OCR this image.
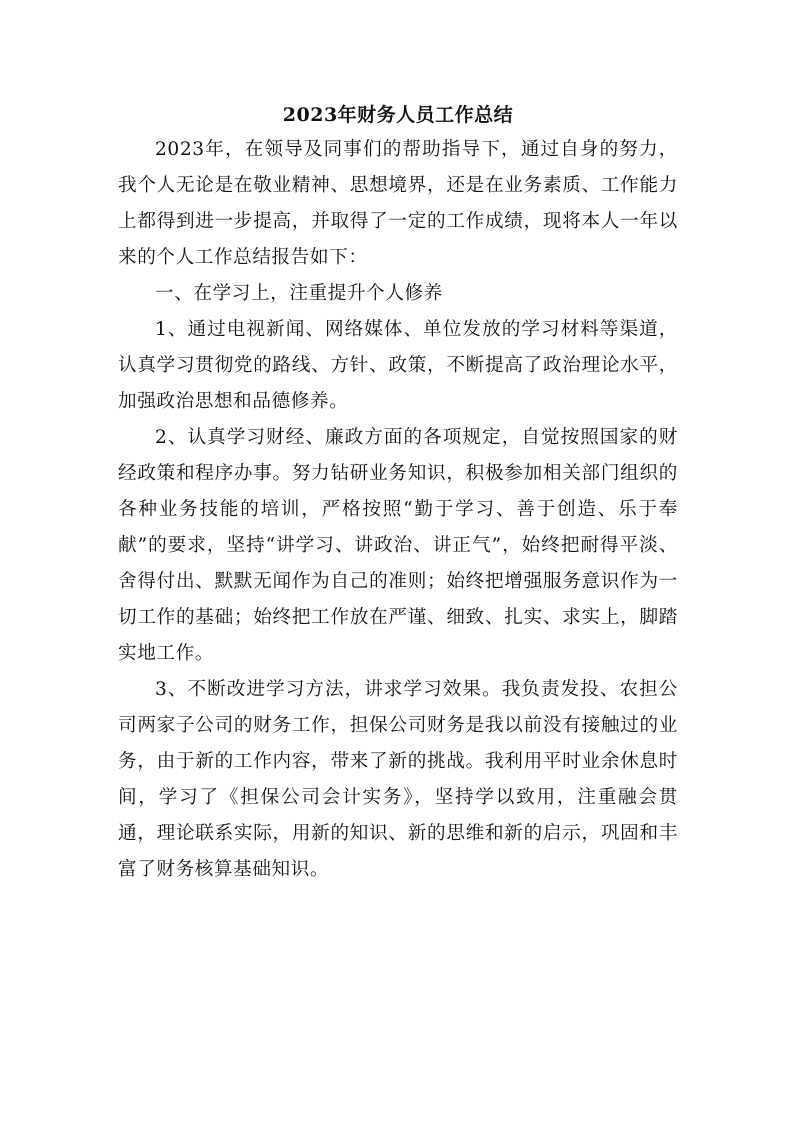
2023年财务人员工作总结

2023年，在领导及同事们的帮助指导下，通过自身的努力，我个人无论是在敬业精神、思想境界，还是在业务素质、工作能力上都得到进一步提高，并取得了一定的工作成绩，现将本人一年以来的个人工作总结报告如下：

一、在学习上，注重提升个人修养

1、通过电视新闻、网络媒体、单位发放的学习材料等渠道，认真学习贯彻党的路线、方针、政策，不断提高了政治理论水平，加强政治思想和品德修养。

2、认真学习财经、廉政方面的各项规定，自觉按照国家的财经政策和程序办事。努力钻研业务知识，积极参加相关部门组织的各种业务技能的培训，严格按照“勤于学习、善于创造、乐于奉献”的要求，坚持“讲学习、讲政治、讲正气”，始终把耐得平淡、舍得付出、默默无闻作为自己的准则；始终把增强服务意识作为一切工作的基础；始终把工作放在严谨、细致、扎实、求实上，脚踏实地工作。

3、不断改进学习方法，讲求学习效果。我负责发投、农担公司两家子公司的财务工作，担保公司财务是我以前没有接触过的业务，由于新的工作内容，带来了新的挑战。我利用平时业余休息时间，学习了《担保公司会计实务》，坚持学以致用，注重融会贯通，理论联系实际，用新的知识、新的思维和新的启示，巩固和丰富了财务核算基础知识。
